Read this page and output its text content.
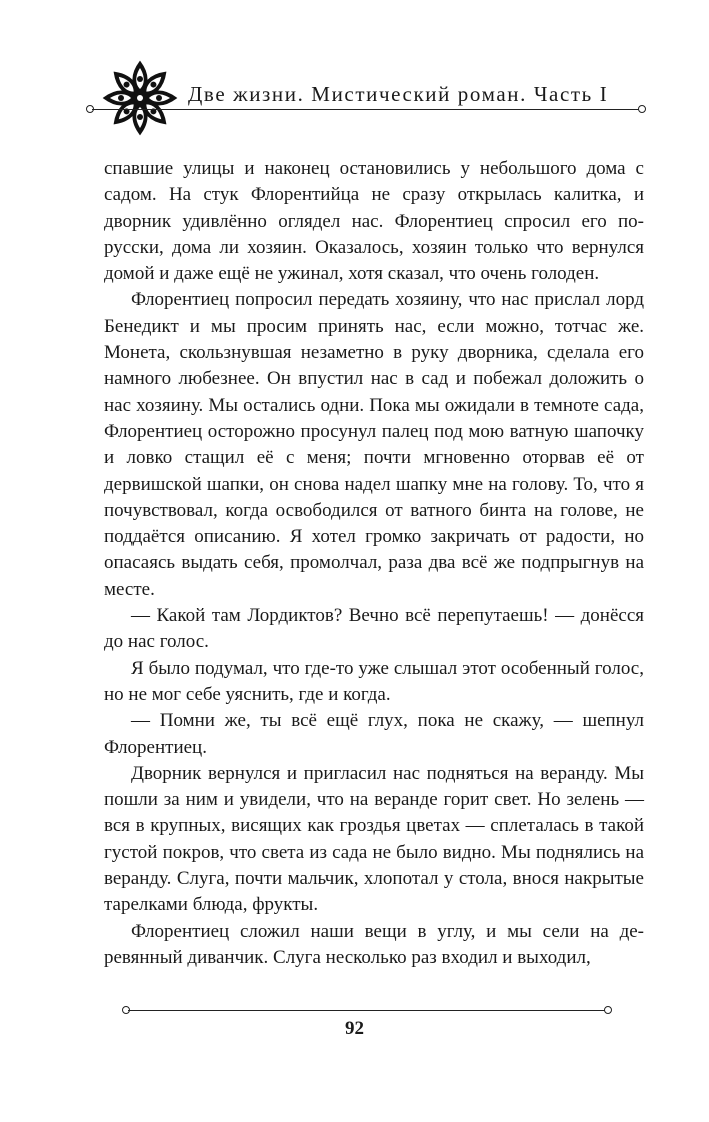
Две жизни. Мистический роман. Часть I

спавшие улицы и наконец остановились у небольшого дома с садом. На стук Флорентийца не сразу открылась калитка, и дворник удивлённо оглядел нас. Флорентиец спросил его по-русски, дома ли хозяин. Оказалось, хозяин только что вернулся домой и даже ещё не ужинал, хотя сказал, что очень голоден.

Флорентиец попросил передать хозяину, что нас прислал лорд Бенедикт и мы просим принять нас, если можно, тотчас же. Монета, скользнувшая незаметно в руку дворника, сделала его намного любезнее. Он впустил нас в сад и побежал доложить о нас хозяину. Мы остались одни. Пока мы ожидали в темноте сада, Флорентиец осторожно просунул палец под мою ватную шапочку и ловко стащил её с меня; почти мгновенно оторвав её от дервишской шапки, он снова надел шапку мне на голову. То, что я почувствовал, когда освободился от ватного бинта на голове, не поддаётся описанию. Я хотел громко закричать от радости, но опасаясь выдать себя, промолчал, раза два всё же подпрыгнув на месте.

— Какой там Лордиктов? Вечно всё перепутаешь! — донёсся до нас голос.

Я было подумал, что где-то уже слышал этот особенный голос, но не мог себе уяснить, где и когда.

— Помни же, ты всё ещё глух, пока не скажу, — шепнул Флорентиец.

Дворник вернулся и пригласил нас подняться на веранду. Мы пошли за ним и увидели, что на веранде горит свет. Но зелень — вся в крупных, висящих как гроздья цветах — сплеталась в такой густой покров, что света из сада не было видно. Мы поднялись на веранду. Слуга, почти мальчик, хлопотал у стола, внося накрытые тарелками блюда, фрукты.

Флорентиец сложил наши вещи в углу, и мы сели на деревянный диванчик. Слуга несколько раз входил и выходил,

92
